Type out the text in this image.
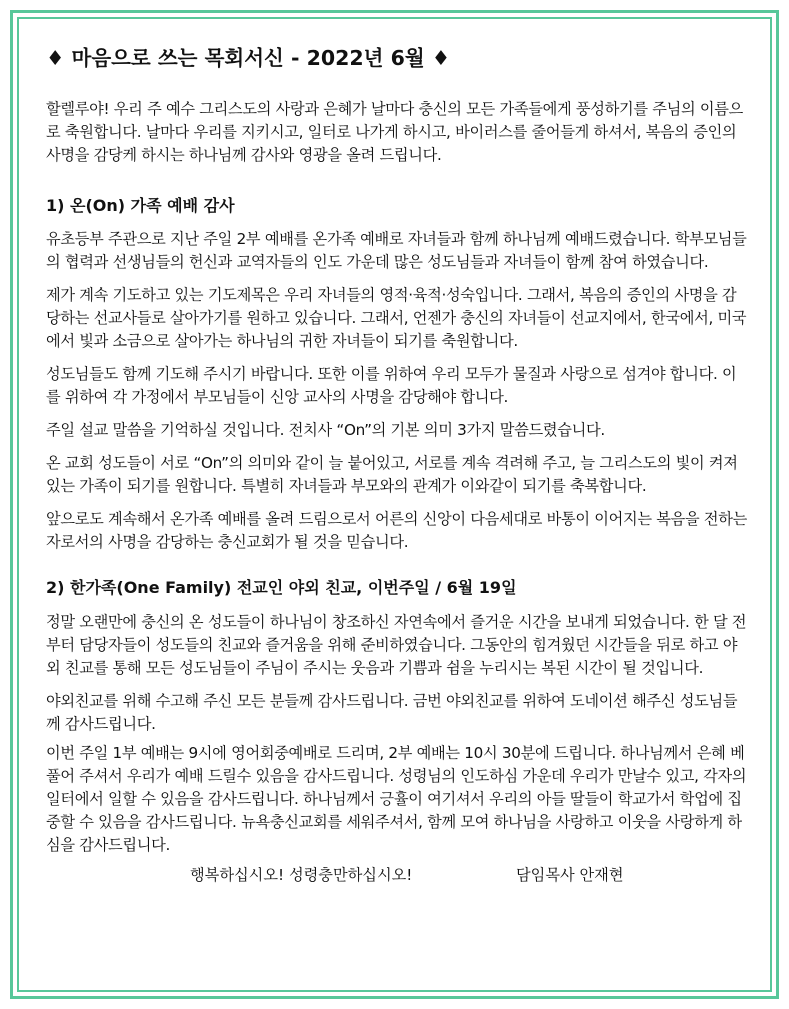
♦ 마음으로 쓰는 목회서신 - 2022년 6월 ♦

할렐루야! 우리 주 예수 그리스도의 사랑과 은혜가 날마다 충신의 모든 가족들에게 풍성하기를 주님의 이름으로 축원합니다. 날마다 우리를 지키시고, 일터로 나가게 하시고, 바이러스를 줄어들게 하셔서, 복음의 증인의 사명을 감당케 하시는 하나님께 감사와 영광을 올려 드립니다.

1) 온(On) 가족 예배 감사

유초등부 주관으로 지난 주일 2부 예배를 온가족 예배로 자녀들과 함께 하나님께 예배드렸습니다. 학부모님들의 협력과 선생님들의 헌신과 교역자들의 인도 가운데 많은 성도님들과 자녀들이 함께 참여 하였습니다.

제가 계속 기도하고 있는 기도제목은 우리 자녀들의 영적·육적·성숙입니다. 그래서, 복음의 증인의 사명을 감당하는 선교사들로 살아가기를 원하고 있습니다. 그래서, 언젠가 충신의 자녀들이 선교지에서, 한국에서, 미국에서 빛과 소금으로 살아가는 하나님의 귀한 자녀들이 되기를 축원합니다.

성도님들도 함께 기도해 주시기 바랍니다. 또한 이를 위하여 우리 모두가 물질과 사랑으로 섬겨야 합니다. 이를 위하여 각 가정에서 부모님들이 신앙 교사의 사명을 감당해야 합니다.

주일 설교 말씀을 기억하실 것입니다. 전치사 “On”의 기본 의미 3가지 말씀드렸습니다.

온 교회 성도들이 서로 “On”의 의미와 같이 늘 붙어있고, 서로를 계속 격려해 주고, 늘 그리스도의 빛이 켜져 있는 가족이 되기를 원합니다. 특별히 자녀들과 부모와의 관계가 이와같이 되기를 축복합니다.

앞으로도 계속해서 온가족 예배를 올려 드림으로서 어른의 신앙이 다음세대로 바통이 이어지는 복음을 전하는 자로서의 사명을 감당하는 충신교회가 될 것을 믿습니다.

2) 한가족(One Family) 전교인 야외 친교, 이번주일 / 6월 19일

정말 오랜만에 충신의 온 성도들이 하나님이 창조하신 자연속에서 즐거운 시간을 보내게 되었습니다. 한 달 전부터 담당자들이 성도들의 친교와 즐거움을 위해 준비하였습니다. 그동안의 힘겨웠던 시간들을 뒤로 하고 야외 친교를 통해 모든 성도님들이 주님이 주시는 웃음과 기쁨과 쉼을 누리시는 복된 시간이 될 것입니다.

야외친교를 위해 수고해 주신 모든 분들께 감사드립니다. 금번 야외친교를 위하여 도네이션 해주신 성도님들께 감사드립니다.

이번 주일 1부 예배는 9시에 영어회중예배로 드리며, 2부 예배는 10시 30분에 드립니다. 하나님께서 은혜 베풀어 주셔서 우리가 예배 드릴수 있음을 감사드립니다. 성령님의 인도하심 가운데 우리가 만날수 있고, 각자의 일터에서 일할 수 있음을 감사드립니다. 하나님께서 긍휼이 여기셔서 우리의 아들 딸들이 학교가서 학업에 집중할 수 있음을 감사드립니다. 뉴욕충신교회를 세워주셔서, 함께 모여 하나님을 사랑하고 이웃을 사랑하게 하심을 감사드립니다.

행복하십시오! 성령충만하십시오!	담임목사 안재현
